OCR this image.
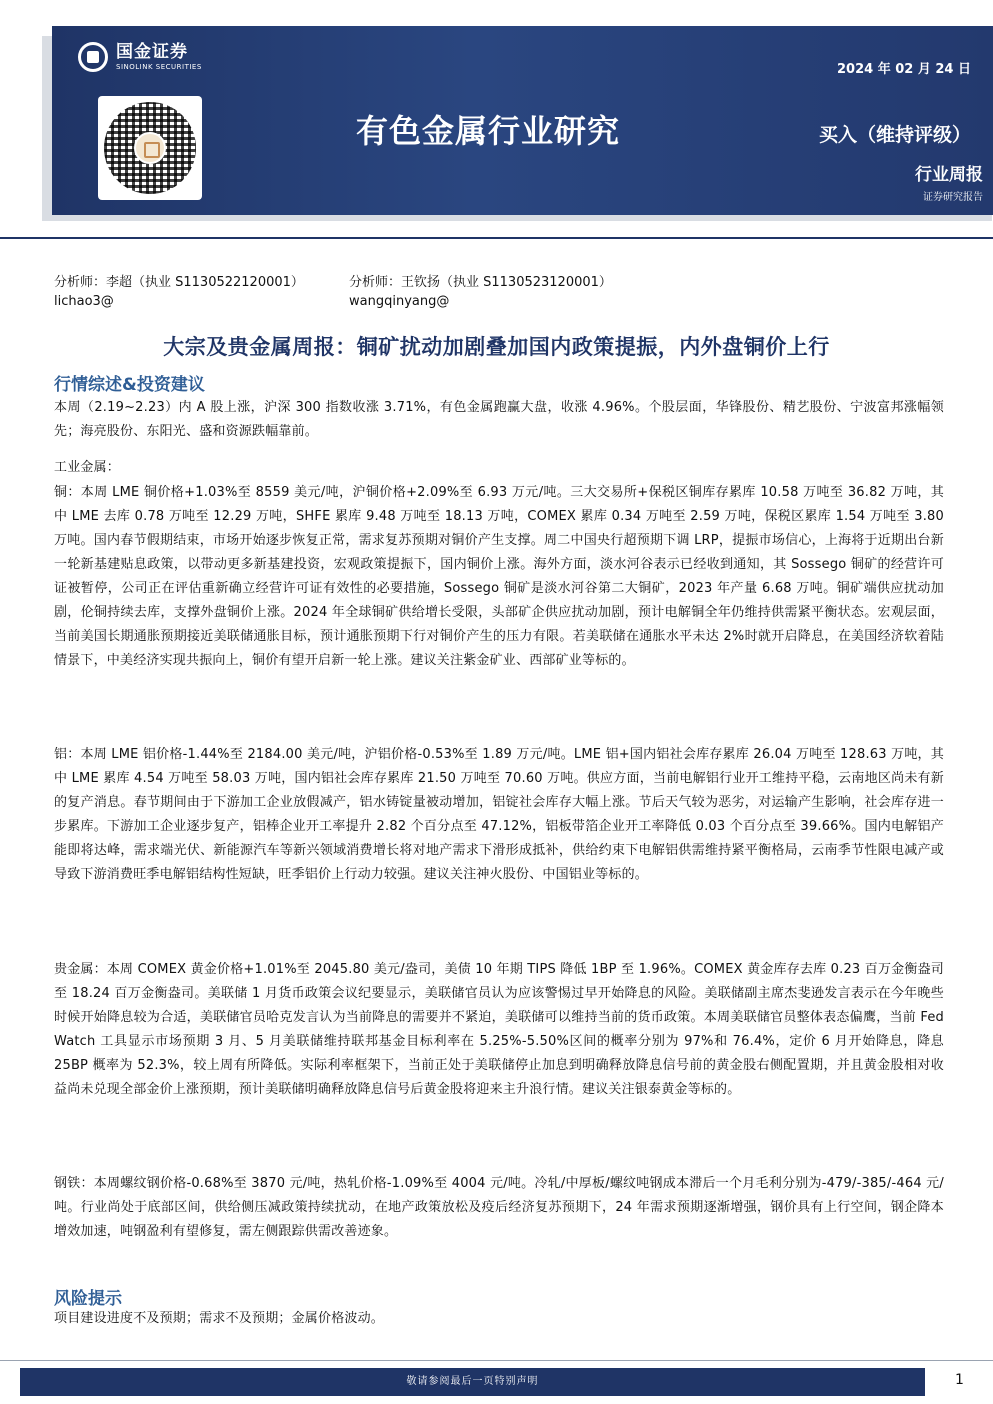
国金证券
SINOLINK SECURITIES	2024 年 02 月 24 日
有色金属行业研究	买入（维持评级）
行业周报
证券研究报告
分析师：李超（执业 S1130522120001）
lichao3@
分析师：王钦扬（执业 S1130523120001）
wangqinyang@
大宗及贵金属周报：铜矿扰动加剧叠加国内政策提振，内外盘铜价上行
行情综述&投资建议
本周（2.19~2.23）内 A 股上涨，沪深 300 指数收涨 3.71%，有色金属跑赢大盘，收涨 4.96%。个股层面，华锋股份、精艺股份、宁波富邦涨幅领先；海亮股份、东阳光、盛和资源跌幅靠前。
工业金属：
铜：本周 LME 铜价格+1.03%至 8559 美元/吨，沪铜价格+2.09%至 6.93 万元/吨。三大交易所+保税区铜库存累库 10.58 万吨至 36.82 万吨，其中 LME 去库 0.78 万吨至 12.29 万吨，SHFE 累库 9.48 万吨至 18.13 万吨，COMEX 累库 0.34 万吨至 2.59 万吨，保税区累库 1.54 万吨至 3.80 万吨。国内春节假期结束，市场开始逐步恢复正常，需求复苏预期对铜价产生支撑。周二中国央行超预期下调 LRP，提振市场信心，上海将于近期出台新一轮新基建贴息政策，以带动更多新基建投资，宏观政策提振下，国内铜价上涨。海外方面，淡水河谷表示已经收到通知，其 Sossego 铜矿的经营许可证被暂停，公司正在评估重新确立经营许可证有效性的必要措施，Sossego 铜矿是淡水河谷第二大铜矿，2023 年产量 6.68 万吨。铜矿端供应扰动加剧，伦铜持续去库，支撑外盘铜价上涨。2024 年全球铜矿供给增长受限，头部矿企供应扰动加剧，预计电解铜全年仍维持供需紧平衡状态。宏观层面，当前美国长期通胀预期接近美联储通胀目标，预计通胀预期下行对铜价产生的压力有限。若美联储在通胀水平未达 2%时就开启降息，在美国经济软着陆情景下，中美经济实现共振向上，铜价有望开启新一轮上涨。建议关注紫金矿业、西部矿业等标的。
铝：本周 LME 铝价格-1.44%至 2184.00 美元/吨，沪铝价格-0.53%至 1.89 万元/吨。LME 铝+国内铝社会库存累库 26.04 万吨至 128.63 万吨，其中 LME 累库 4.54 万吨至 58.03 万吨，国内铝社会库存累库 21.50 万吨至 70.60 万吨。供应方面，当前电解铝行业开工维持平稳，云南地区尚未有新的复产消息。春节期间由于下游加工企业放假减产，铝水铸锭量被动增加，铝锭社会库存大幅上涨。节后天气较为恶劣，对运输产生影响，社会库存进一步累库。下游加工企业逐步复产，铝棒企业开工率提升 2.82 个百分点至 47.12%，铝板带箔企业开工率降低 0.03 个百分点至 39.66%。国内电解铝产能即将达峰，需求端光伏、新能源汽车等新兴领域消费增长将对地产需求下滑形成抵补，供给约束下电解铝供需维持紧平衡格局，云南季节性限电减产或导致下游消费旺季电解铝结构性短缺，旺季铝价上行动力较强。建议关注神火股份、中国铝业等标的。
贵金属：本周 COMEX 黄金价格+1.01%至 2045.80 美元/盎司，美债 10 年期 TIPS 降低 1BP 至 1.96%。COMEX 黄金库存去库 0.23 百万金衡盎司至 18.24 百万金衡盎司。美联储 1 月货币政策会议纪要显示，美联储官员认为应该警惕过早开始降息的风险。美联储副主席杰斐逊发言表示在今年晚些时候开始降息较为合适，美联储官员哈克发言认为当前降息的需要并不紧迫，美联储可以维持当前的货币政策。本周美联储官员整体表态偏鹰，当前 Fed Watch 工具显示市场预期 3 月、5 月美联储维持联邦基金目标利率在 5.25%-5.50%区间的概率分别为 97%和 76.4%，定价 6 月开始降息，降息 25BP 概率为 52.3%，较上周有所降低。实际利率框架下，当前正处于美联储停止加息到明确释放降息信号前的黄金股右侧配置期，并且黄金股相对收益尚未兑现全部金价上涨预期，预计美联储明确释放降息信号后黄金股将迎来主升浪行情。建议关注银泰黄金等标的。
钢铁：本周螺纹钢价格-0.68%至 3870 元/吨，热轧价格-1.09%至 4004 元/吨。冷轧/中厚板/螺纹吨钢成本滞后一个月毛利分别为-479/-385/-464 元/吨。行业尚处于底部区间，供给侧压减政策持续扰动，在地产政策放松及疫后经济复苏预期下，24 年需求预期逐渐增强，钢价具有上行空间，钢企降本增效加速，吨钢盈利有望修复，需左侧跟踪供需改善迹象。
风险提示
项目建设进度不及预期；需求不及预期；金属价格波动。
敬请参阅最后一页特别声明	1
